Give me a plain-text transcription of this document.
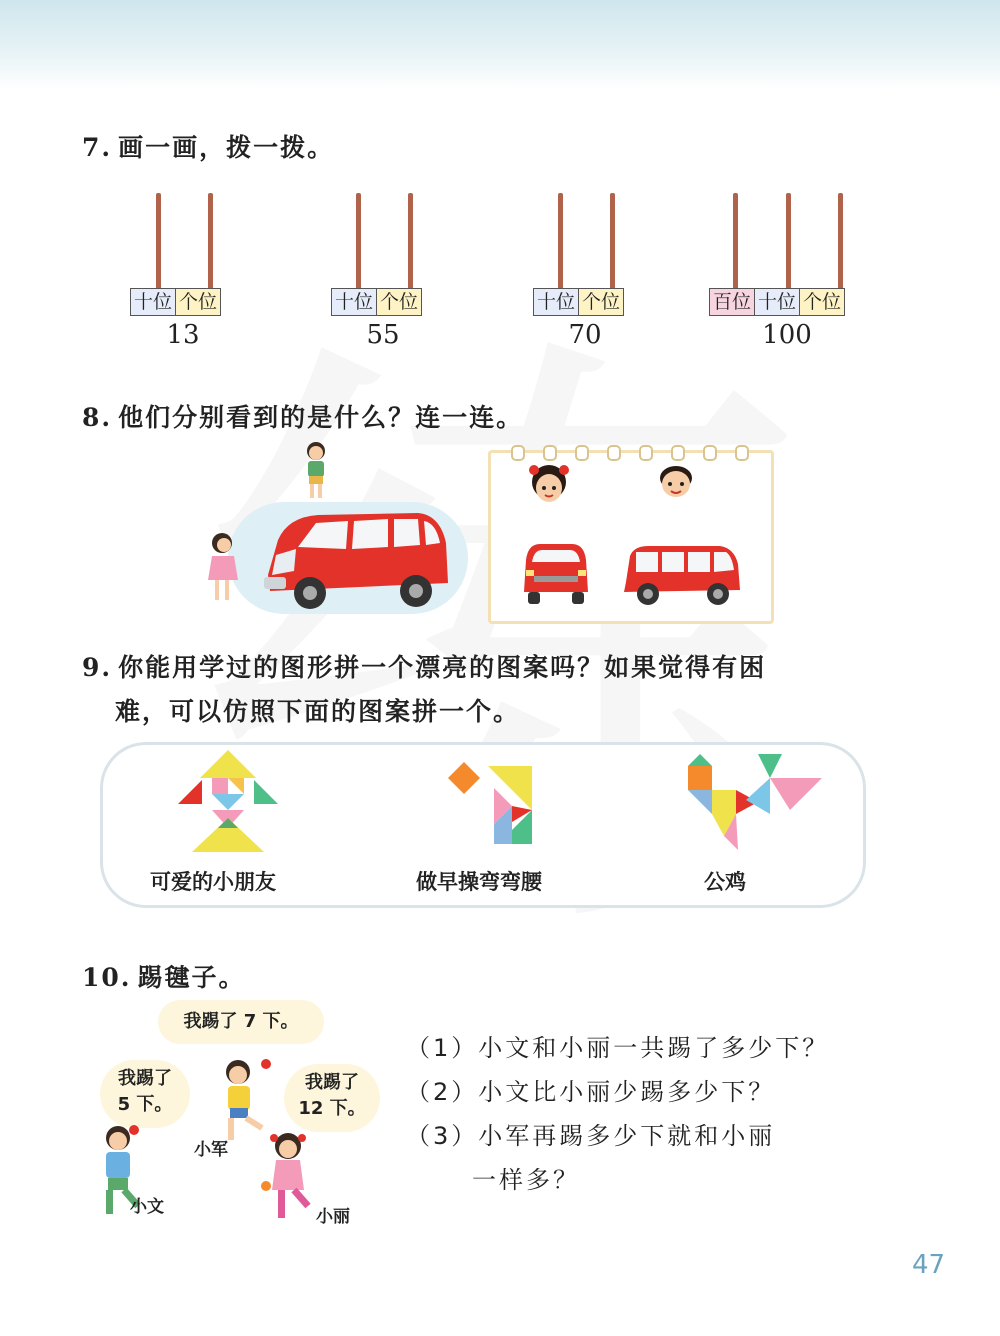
7. 画一画，拨一拨。
十位 个位
13
十位 个位
55
十位 个位
70
百位 十位 个位
100
8. 他们分别看到的是什么？连一连。
9. 你能用学过的图形拼一个漂亮的图案吗？如果觉得有困
难，可以仿照下面的图案拼一个。
可爱的小朋友	做早操弯弯腰	公鸡
10. 踢毽子。
我踢了 7 下。
我踢了
5 下。
我踢了
12 下。
小军
小文	小丽
（1）小文和小丽一共踢了多少下？
（2）小文比小丽少踢多少下？
（3）小军再踢多少下就和小丽
一样多？
47
